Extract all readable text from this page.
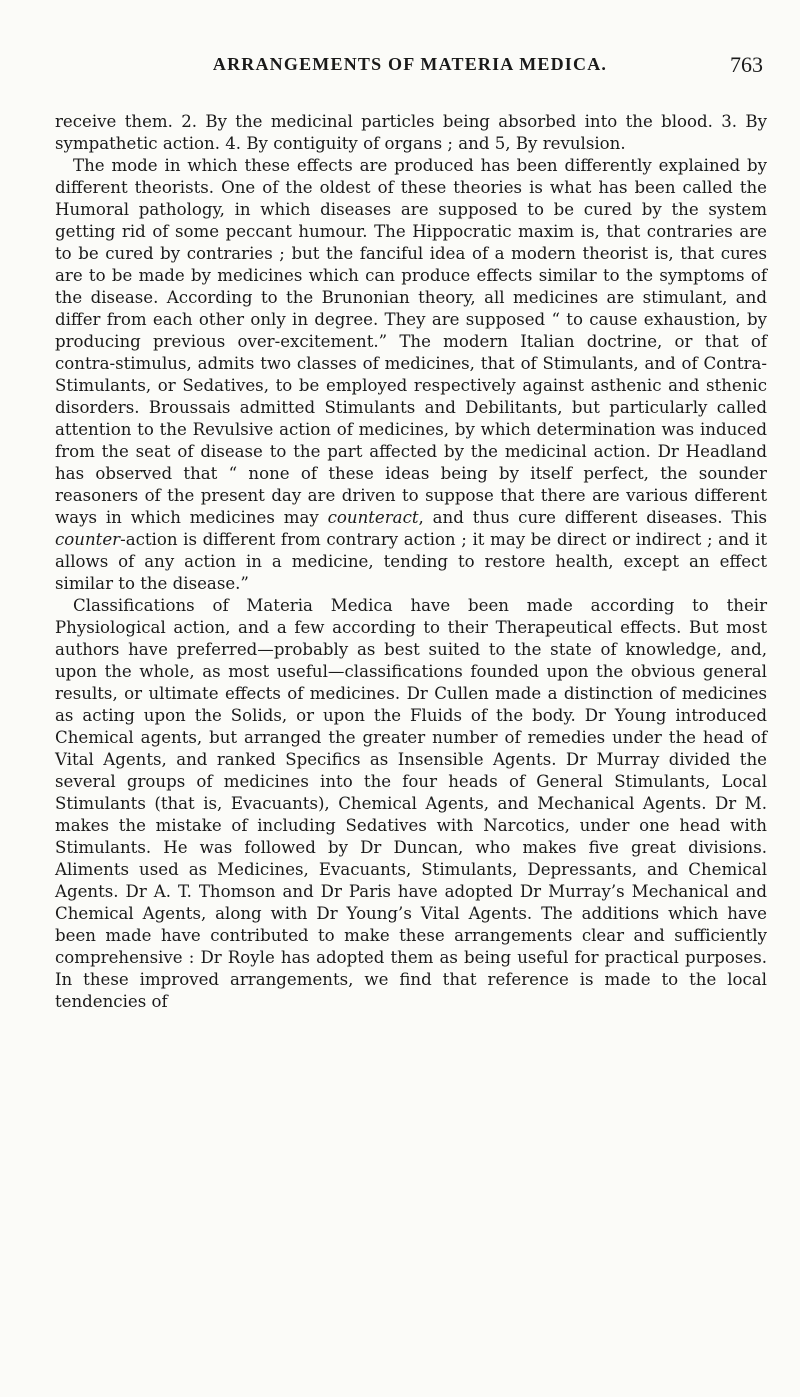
ARRANGEMENTS OF MATERIA MEDICA.	763

receive them. 2. By the medicinal particles being absorbed into the blood. 3. By sympathetic action. 4. By contiguity of organs ; and 5, By revulsion.

The mode in which these effects are produced has been differently explained by different theorists. One of the oldest of these theories is what has been called the Humoral pathology, in which diseases are supposed to be cured by the system getting rid of some peccant humour. The Hippocratic maxim is, that contraries are to be cured by contraries ; but the fanciful idea of a modern theorist is, that cures are to be made by medicines which can produce effects similar to the symptoms of the disease. According to the Brunonian theory, all medicines are stimulant, and differ from each other only in degree. They are supposed “ to cause exhaustion, by producing previous over-excitement.” The modern Italian doctrine, or that of contra-stimulus, admits two classes of medicines, that of Stimulants, and of Contra-Stimulants, or Sedatives, to be employed respectively against asthenic and sthenic disorders. Broussais admitted Stimulants and Debilitants, but particularly called attention to the Revulsive action of medicines, by which determination was induced from the seat of disease to the part affected by the medicinal action. Dr Headland has observed that “ none of these ideas being by itself perfect, the sounder reasoners of the present day are driven to suppose that there are various different ways in which medicines may counteract, and thus cure different diseases. This counter-action is different from contrary action ; it may be direct or indirect ; and it allows of any action in a medicine, tending to restore health, except an effect similar to the disease.”

Classifications of Materia Medica have been made according to their Physiological action, and a few according to their Therapeutical effects. But most authors have preferred—probably as best suited to the state of knowledge, and, upon the whole, as most useful—classifications founded upon the obvious general results, or ultimate effects of medicines. Dr Cullen made a distinction of medicines as acting upon the Solids, or upon the Fluids of the body. Dr Young introduced Chemical agents, but arranged the greater number of remedies under the head of Vital Agents, and ranked Specifics as Insensible Agents. Dr Murray divided the several groups of medicines into the four heads of General Stimulants, Local Stimulants (that is, Evacuants), Chemical Agents, and Mechanical Agents. Dr M. makes the mistake of including Sedatives with Narcotics, under one head with Stimulants. He was followed by Dr Duncan, who makes five great divisions. Aliments used as Medicines, Evacuants, Stimulants, Depressants, and Chemical Agents. Dr A. T. Thomson and Dr Paris have adopted Dr Murray’s Mechanical and Chemical Agents, along with Dr Young’s Vital Agents. The additions which have been made have contributed to make these arrangements clear and sufficiently comprehensive : Dr Royle has adopted them as being useful for practical purposes. In these improved arrangements, we find that reference is made to the local tendencies of
